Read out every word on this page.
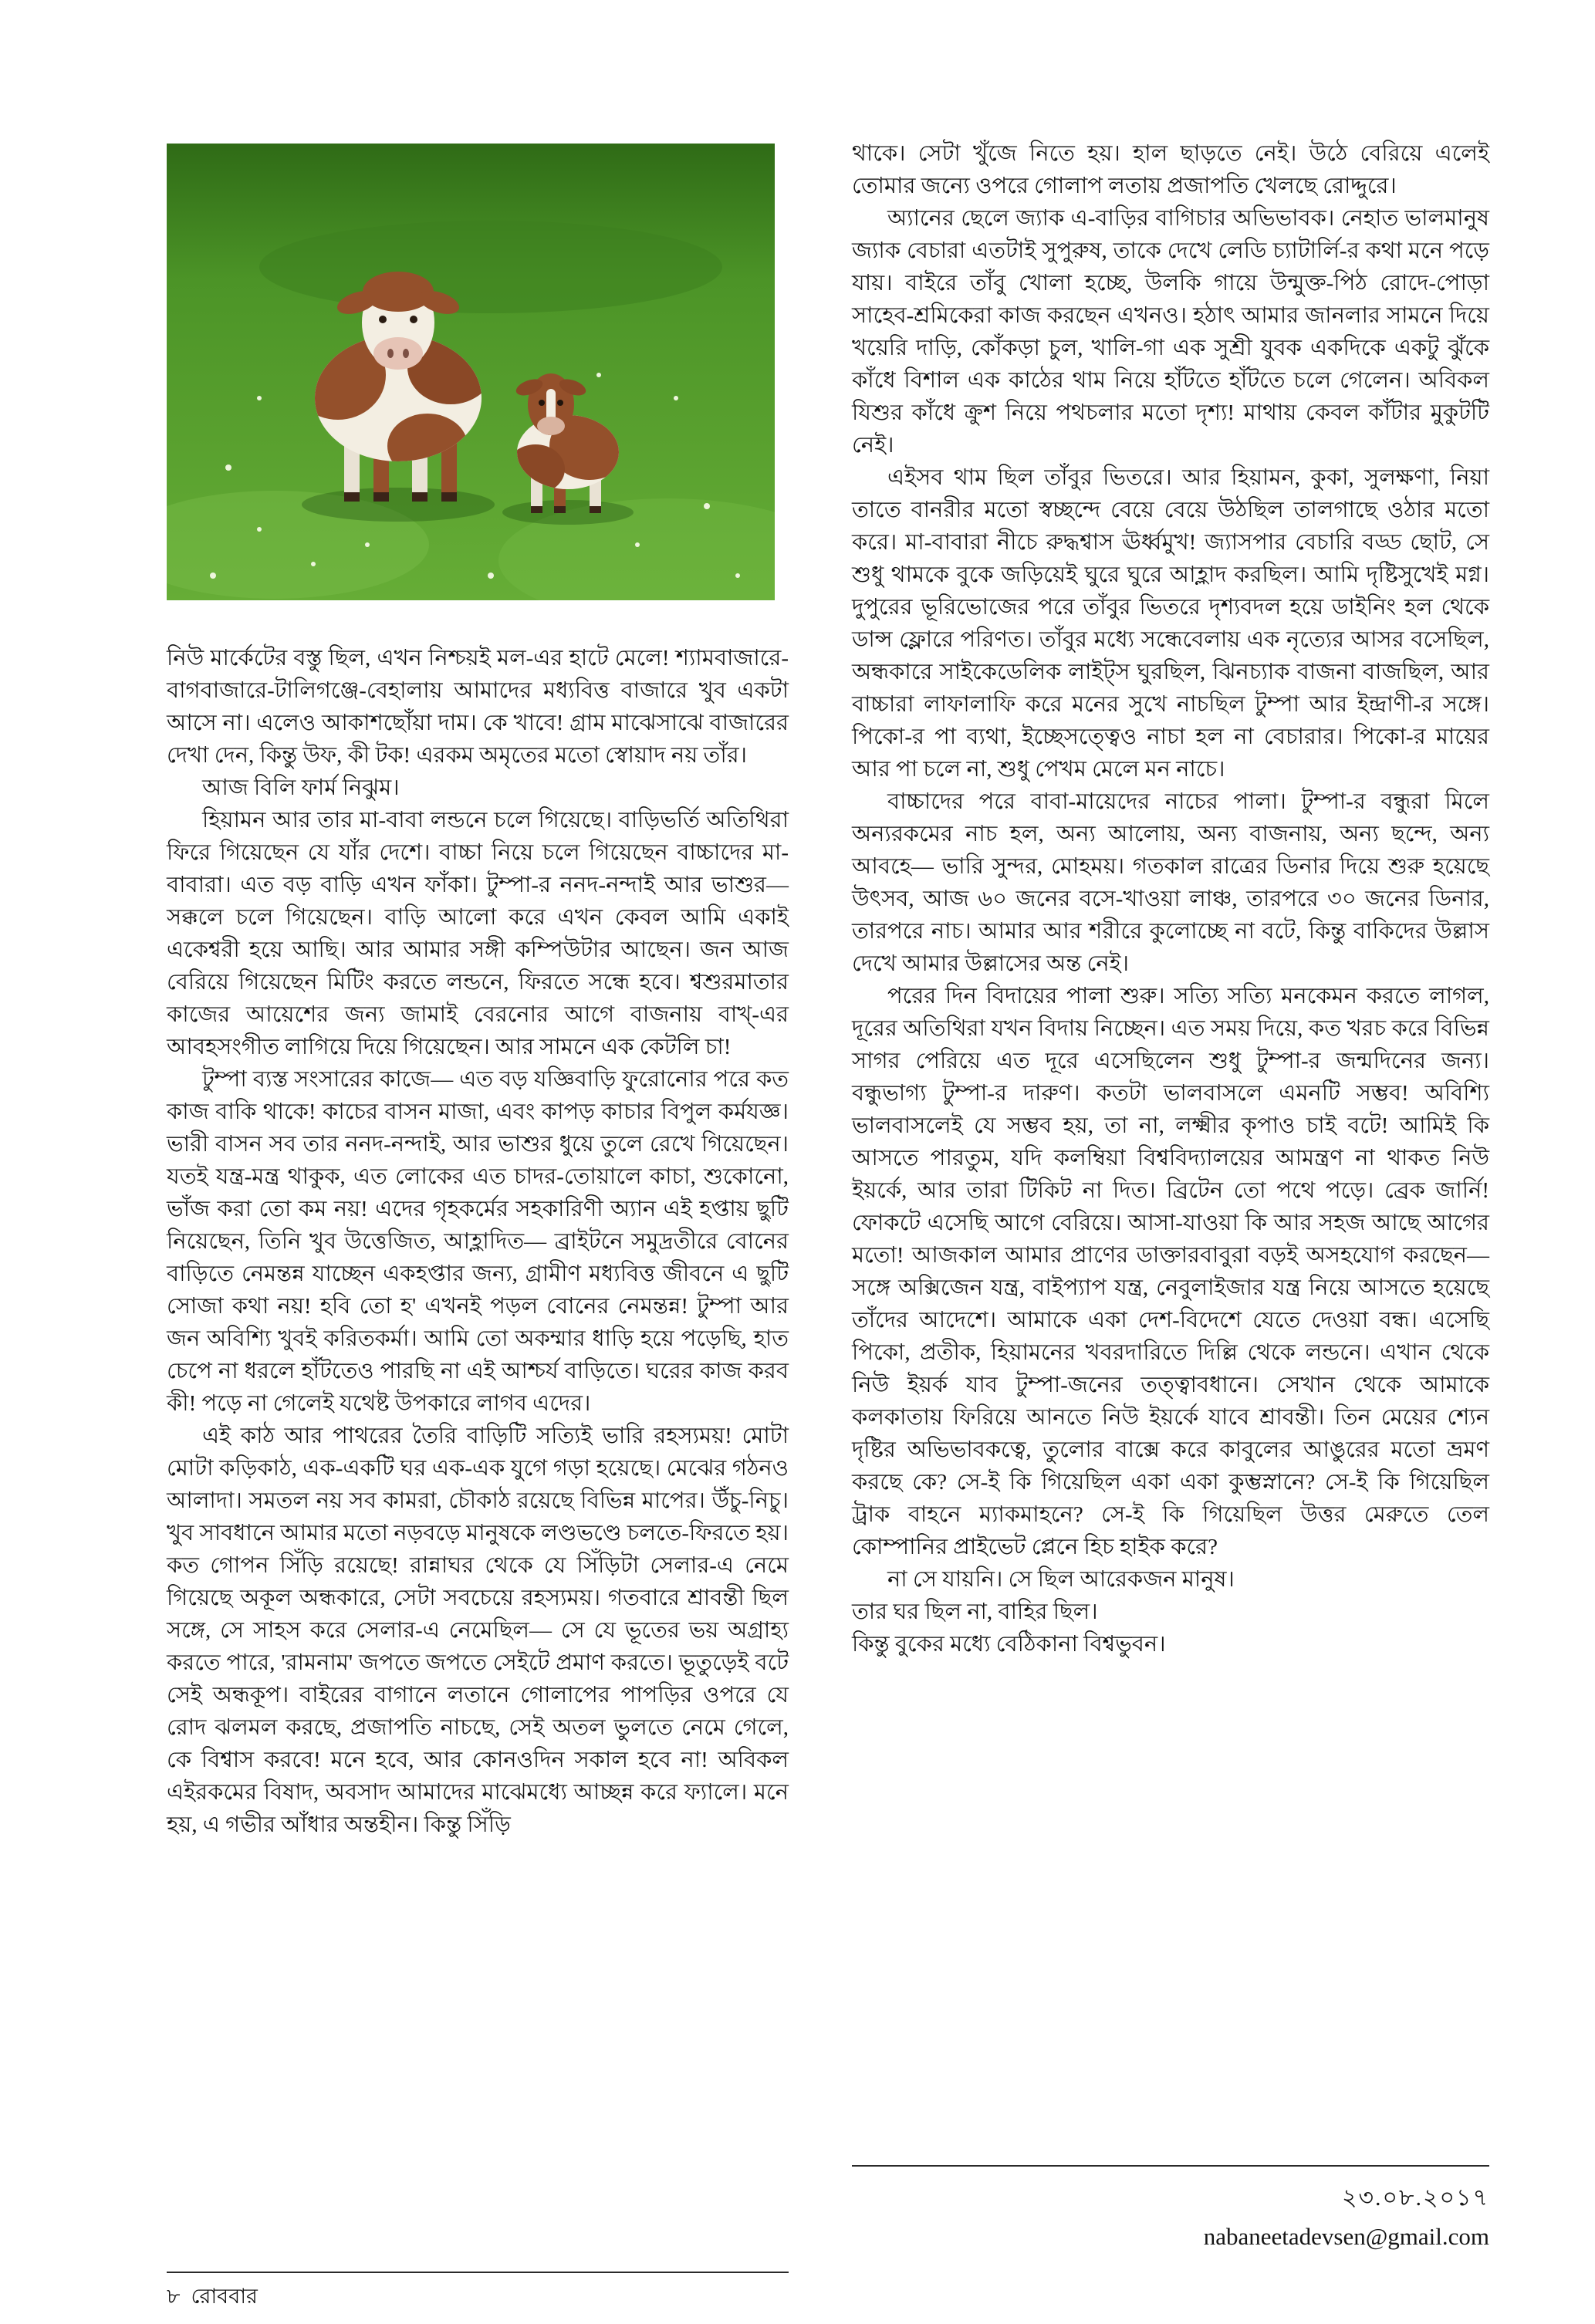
নিউ মার্কেটের বস্তু ছিল, এখন নিশ্চয়ই মল-এর হাটে মেলে! শ্যামবাজারে-বাগবাজারে-টালিগঞ্জে-বেহালায় আমাদের মধ্যবিত্ত বাজারে খুব একটা আসে না। এলেও আকাশছোঁয়া দাম। কে খাবে! গ্রাম মাঝেসাঝে বাজারের দেখা দেন, কিন্তু উফ, কী টক! এরকম অমৃতের মতো স্বোয়াদ নয় তাঁর।

আজ বিলি ফার্ম নিঝুম।

হিয়ামন আর তার মা-বাবা লন্ডনে চলে গিয়েছে। বাড়িভর্তি অতিথিরা ফিরে গিয়েছেন যে যাঁর দেশে। বাচ্চা নিয়ে চলে গিয়েছেন বাচ্চাদের মা-বাবারা। এত বড় বাড়ি এখন ফাঁকা। টুম্পা-র ননদ-নন্দাই আর ভাশুর— সক্কলে চলে গিয়েছেন। বাড়ি আলো করে এখন কেবল আমি একাই একেশ্বরী হয়ে আছি। আর আমার সঙ্গী কম্পিউটার আছেন। জন আজ বেরিয়ে গিয়েছেন মিটিং করতে লন্ডনে, ফিরতে সন্ধে হবে। শ্বশুরমাতার কাজের আয়েশের জন্য জামাই বেরনোর আগে বাজনায় বাখ্-এর আবহসংগীত লাগিয়ে দিয়ে গিয়েছেন। আর সামনে এক কেটলি চা!

টুম্পা ব্যস্ত সংসারের কাজে— এত বড় যজ্ঞিবাড়ি ফুরোনোর পরে কত কাজ বাকি থাকে! কাচের বাসন মাজা, এবং কাপড় কাচার বিপুল কর্মযজ্ঞ। ভারী বাসন সব তার ননদ-নন্দাই, আর ভাশুর ধুয়ে তুলে রেখে গিয়েছেন। যতই যন্ত্র-মন্ত্র থাকুক, এত লোকের এত চাদর-তোয়ালে কাচা, শুকোনো, ভাঁজ করা তো কম নয়! এদের গৃহকর্মের সহকারিণী অ্যান এই হপ্তায় ছুটি নিয়েছেন, তিনি খুব উত্তেজিত, আহ্লাদিত— ব্রাইটনে সমুদ্রতীরে বোনের বাড়িতে নেমন্তন্ন যাচ্ছেন একহপ্তার জন্য, গ্রামীণ মধ্যবিত্ত জীবনে এ ছুটি সোজা কথা নয়! হবি তো হ' এখনই পড়ল বোনের নেমন্তন্ন! টুম্পা আর জন অবিশ্যি খুবই করিতকর্মা। আমি তো অকম্মার ধাড়ি হয়ে পড়েছি, হাত চেপে না ধরলে হাঁটতেও পারছি না এই আশ্চর্য বাড়িতে। ঘরের কাজ করব কী! পড়ে না গেলেই যথেষ্ট উপকারে লাগব এদের।

এই কাঠ আর পাথরের তৈরি বাড়িটি সত্যিই ভারি রহস্যময়! মোটা মোটা কড়িকাঠ, এক-একটি ঘর এক-এক যুগে গড়া হয়েছে। মেঝের গঠনও আলাদা। সমতল নয় সব কামরা, চৌকাঠ রয়েছে বিভিন্ন মাপের। উঁচু-নিচু। খুব সাবধানে আমার মতো নড়বড়ে মানুষকে লণ্ডভণ্ডে চলতে-ফিরতে হয়। কত গোপন সিঁড়ি রয়েছে! রান্নাঘর থেকে যে সিঁড়িটা সেলার-এ নেমে গিয়েছে অকূল অন্ধকারে, সেটা সবচেয়ে রহস্যময়। গতবারে শ্রাবন্তী ছিল সঙ্গে, সে সাহস করে সেলার-এ নেমেছিল— সে যে ভূতের ভয় অগ্রাহ্য করতে পারে, 'রামনাম' জপতে জপতে সেইটে প্রমাণ করতে। ভূতুড়েই বটে সেই অন্ধকূপ। বাইরের বাগানে লতানে গোলাপের পাপড়ির ওপরে যে রোদ ঝলমল করছে, প্রজাপতি নাচছে, সেই অতল ভুলতে নেমে গেলে, কে বিশ্বাস করবে! মনে হবে, আর কোনওদিন সকাল হবে না! অবিকল এইরকমের বিষাদ, অবসাদ আমাদের মাঝেমধ্যে আচ্ছন্ন করে ফ্যালে। মনে হয়, এ গভীর আঁধার অন্তহীন। কিন্তু সিঁড়ি

থাকে। সেটা খুঁজে নিতে হয়। হাল ছাড়তে নেই। উঠে বেরিয়ে এলেই তোমার জন্যে ওপরে গোলাপ লতায় প্রজাপতি খেলছে রোদ্দুরে।

অ্যানের ছেলে জ্যাক এ-বাড়ির বাগিচার অভিভাবক। নেহাত ভালমানুষ জ্যাক বেচারা এতটাই সুপুরুষ, তাকে দেখে লেডি চ্যাটার্লি-র কথা মনে পড়ে যায়। বাইরে তাঁবু খোলা হচ্ছে, উলকি গায়ে উন্মুক্ত-পিঠ রোদে-পোড়া সাহেব-শ্রমিকেরা কাজ করছেন এখনও। হঠাৎ আমার জানলার সামনে দিয়ে খয়েরি দাড়ি, কোঁকড়া চুল, খালি-গা এক সুশ্রী যুবক একদিকে একটু ঝুঁকে কাঁধে বিশাল এক কাঠের থাম নিয়ে হাঁটতে হাঁটতে চলে গেলেন। অবিকল যিশুর কাঁধে ক্রুশ নিয়ে পথচলার মতো দৃশ্য! মাথায় কেবল কাঁটার মুকুটটি নেই।

এইসব থাম ছিল তাঁবুর ভিতরে। আর হিয়ামন, কুকা, সুলক্ষণা, নিয়া তাতে বানরীর মতো স্বচ্ছন্দে বেয়ে বেয়ে উঠছিল তালগাছে ওঠার মতো করে। মা-বাবারা নীচে রুদ্ধশ্বাস ঊর্ধ্বমুখ! জ্যাসপার বেচারি বড্ড ছোট, সে শুধু থামকে বুকে জড়িয়েই ঘুরে ঘুরে আহ্লাদ করছিল। আমি দৃষ্টিসুখেই মগ্ন। দুপুরের ভূরিভোজের পরে তাঁবুর ভিতরে দৃশ্যবদল হয়ে ডাইনিং হল থেকে ডান্স ফ্লোরে পরিণত। তাঁবুর মধ্যে সন্ধেবেলায় এক নৃত্যের আসর বসেছিল, অন্ধকারে সাইকেডেলিক লাইট্‌স ঘুরছিল, ঝিনচ্যাক বাজনা বাজছিল, আর বাচ্চারা লাফালাফি করে মনের সুখে নাচছিল টুম্পা আর ইন্দ্রাণী-র সঙ্গে। পিকো-র পা ব্যথা, ইচ্ছেসত্ত্বেও নাচা হল না বেচারার। পিকো-র মায়ের আর পা চলে না, শুধু পেখম মেলে মন নাচে।

বাচ্চাদের পরে বাবা-মায়েদের নাচের পালা। টুম্পা-র বন্ধুরা মিলে অন্যরকমের নাচ হল, অন্য আলোয়, অন্য বাজনায়, অন্য ছন্দে, অন্য আবহে— ভারি সুন্দর, মোহময়। গতকাল রাত্রের ডিনার দিয়ে শুরু হয়েছে উৎসব, আজ ৬০ জনের বসে-খাওয়া লাঞ্চ, তারপরে ৩০ জনের ডিনার, তারপরে নাচ। আমার আর শরীরে কুলোচ্ছে না বটে, কিন্তু বাকিদের উল্লাস দেখে আমার উল্লাসের অন্ত নেই।

পরের দিন বিদায়ের পালা শুরু। সত্যি সত্যি মনকেমন করতে লাগল, দূরের অতিথিরা যখন বিদায় নিচ্ছেন। এত সময় দিয়ে, কত খরচ করে বিভিন্ন সাগর পেরিয়ে এত দূরে এসেছিলেন শুধু টুম্পা-র জন্মদিনের জন্য। বন্ধুভাগ্য টুম্পা-র দারুণ। কতটা ভালবাসলে এমনটি সম্ভব! অবিশ্যি ভালবাসলেই যে সম্ভব হয়, তা না, লক্ষ্মীর কৃপাও চাই বটে! আমিই কি আসতে পারতুম, যদি কলম্বিয়া বিশ্ববিদ্যালয়ের আমন্ত্রণ না থাকত নিউ ইয়র্কে, আর তারা টিকিট না দিত। ব্রিটেন তো পথে পড়ে। ব্রেক জার্নি! ফোকটে এসেছি আগে বেরিয়ে। আসা-যাওয়া কি আর সহজ আছে আগের মতো! আজকাল আমার প্রাণের ডাক্তারবাবুরা বড়ই অসহযোগ করছেন— সঙ্গে অক্সিজেন যন্ত্র, বাইপ্যাপ যন্ত্র, নেবুলাইজার যন্ত্র নিয়ে আসতে হয়েছে তাঁদের আদেশে। আমাকে একা দেশ-বিদেশে যেতে দেওয়া বন্ধ। এসেছি পিকো, প্রতীক, হিয়ামনের খবরদারিতে দিল্লি থেকে লন্ডনে। এখান থেকে নিউ ইয়র্ক যাব টুম্পা-জনের তত্ত্বাবধানে। সেখান থেকে আমাকে কলকাতায় ফিরিয়ে আনতে নিউ ইয়র্কে যাবে শ্রাবন্তী। তিন মেয়ের শ্যেন দৃষ্টির অভিভাবকত্বে, তুলোর বাক্সে করে কাবুলের আঙুরের মতো ভ্রমণ করছে কে? সে-ই কি গিয়েছিল একা একা কুম্ভস্নানে? সে-ই কি গিয়েছিল ট্রাক বাহনে ম্যাকমাহনে? সে-ই কি গিয়েছিল উত্তর মেরুতে তেল কোম্পানির প্রাইভেট প্লেনে হিচ হাইক করে?

না সে যায়নি। সে ছিল আরেকজন মানুষ।

তার ঘর ছিল না, বাহির ছিল।

কিন্তু বুকের মধ্যে বেঠিকানা বিশ্বভুবন।

২৩.০৮.২০১৭
nabaneetadevsen@gmail.com
৮ রোববার
